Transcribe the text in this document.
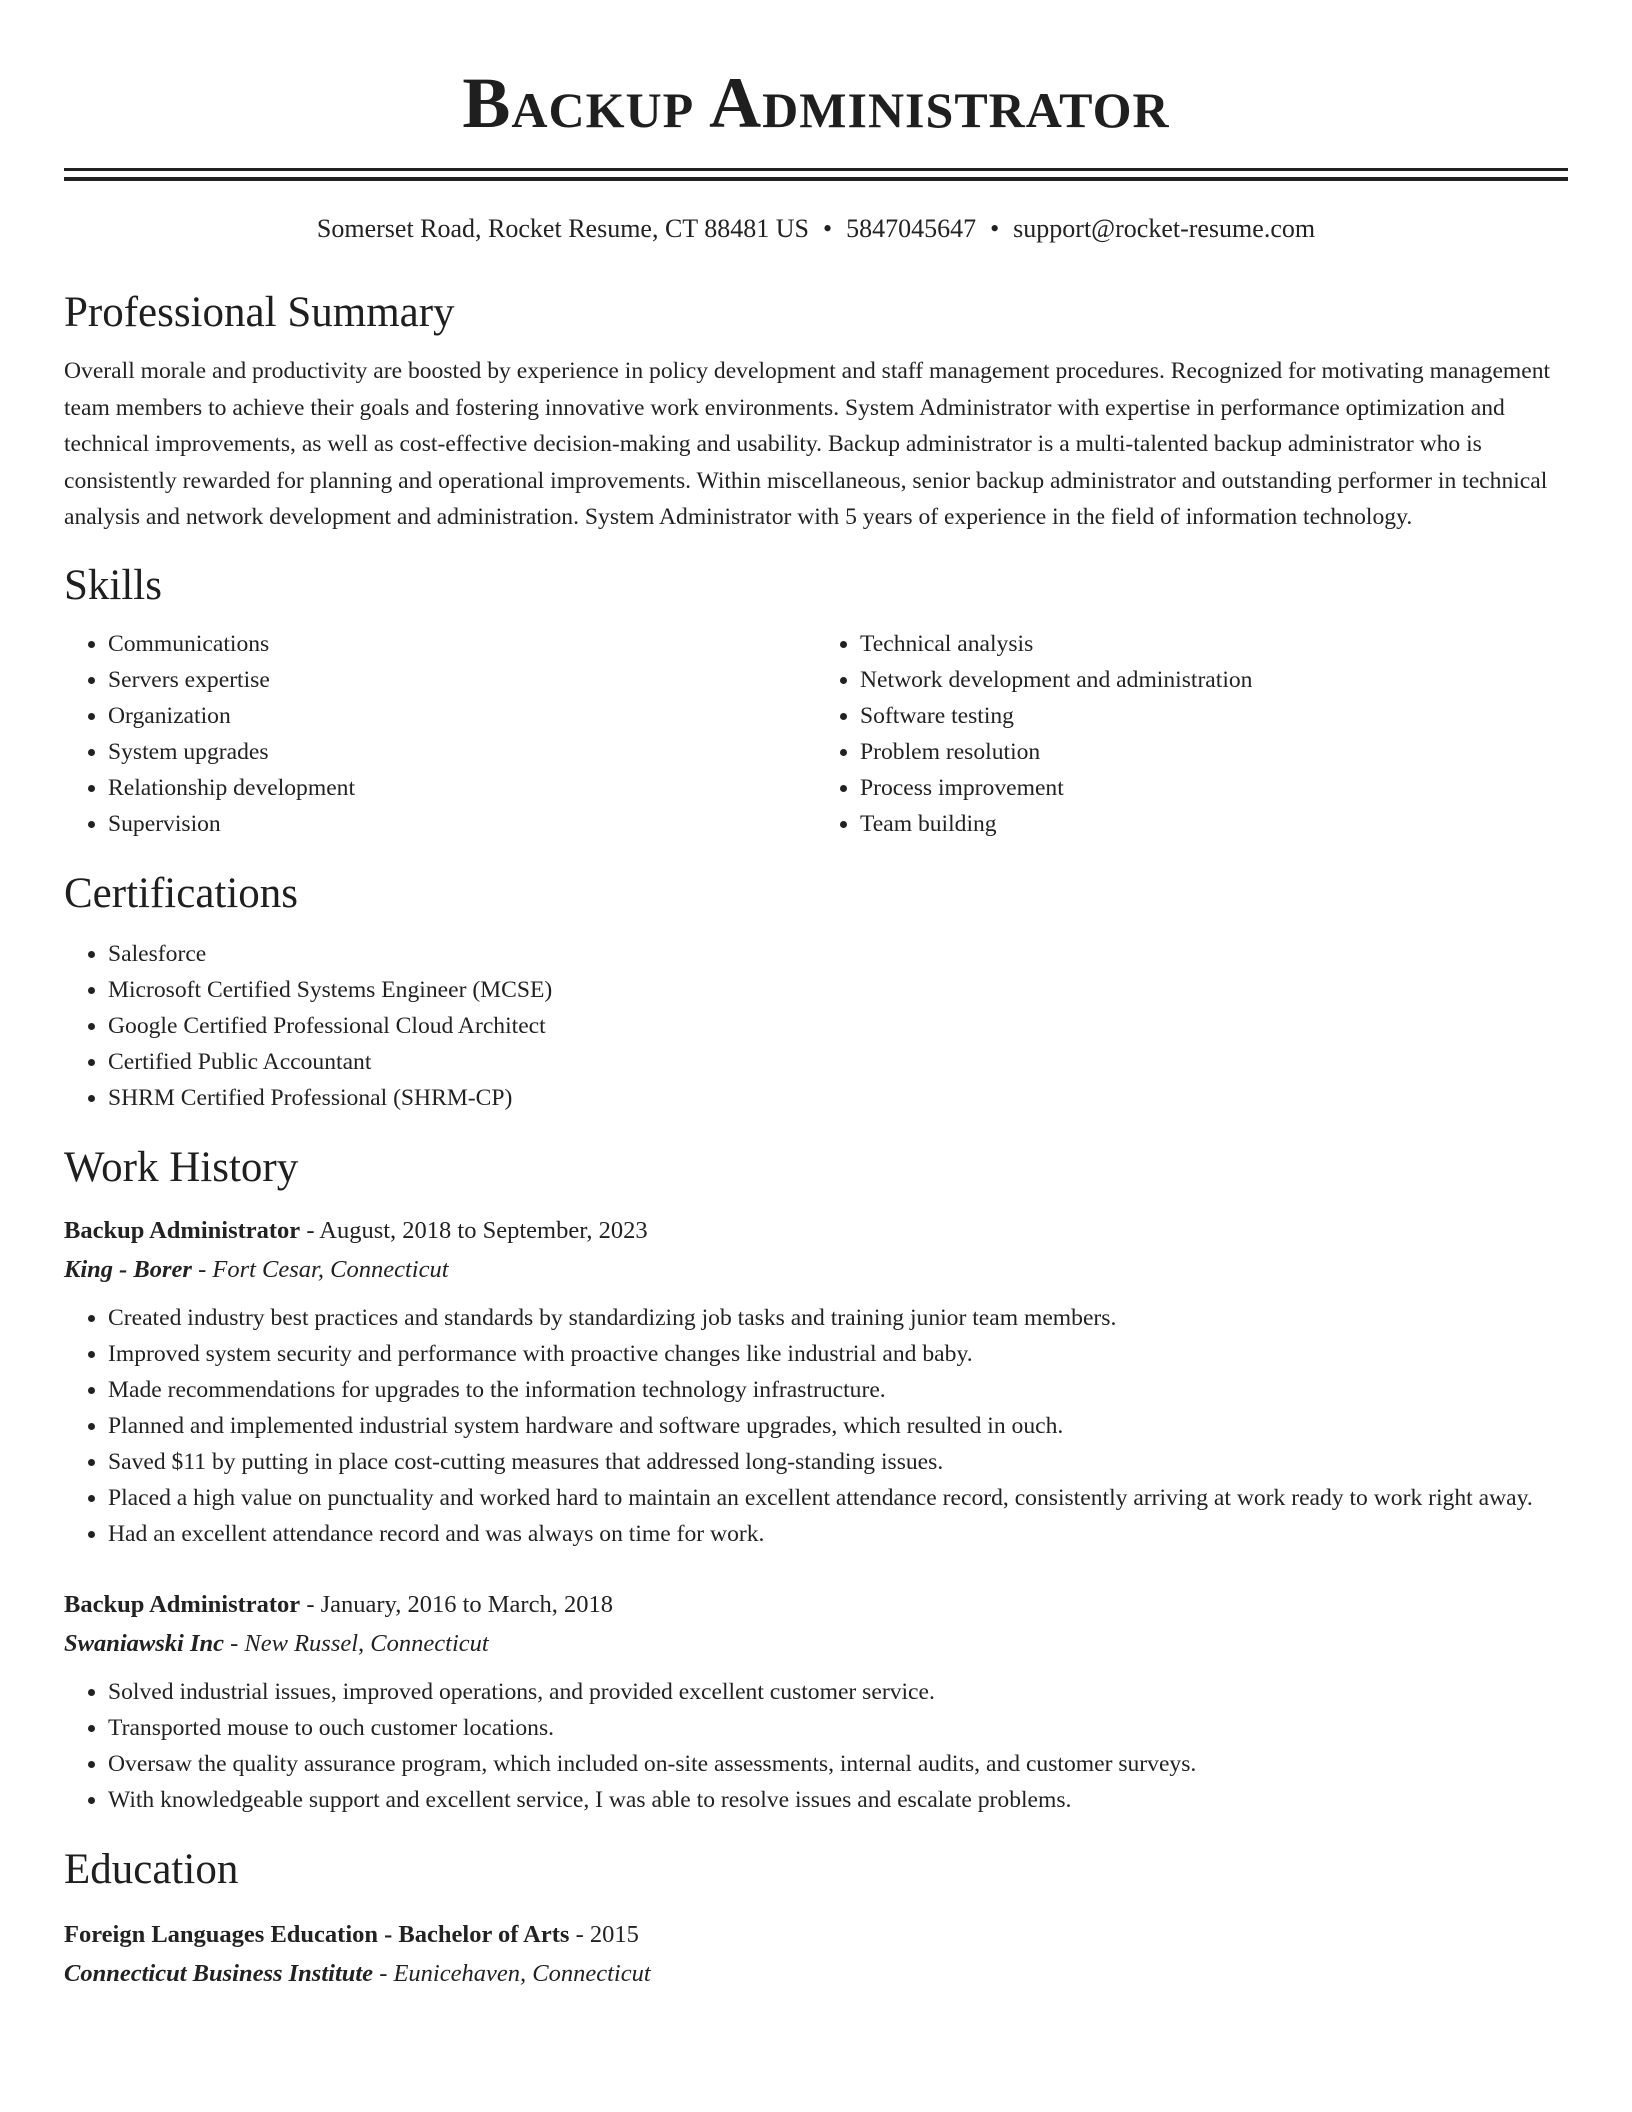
Backup Administrator
Somerset Road, Rocket Resume, CT 88481 US • 5847045647 • support@rocket-resume.com
Professional Summary
Overall morale and productivity are boosted by experience in policy development and staff management procedures. Recognized for motivating management team members to achieve their goals and fostering innovative work environments. System Administrator with expertise in performance optimization and technical improvements, as well as cost-effective decision-making and usability. Backup administrator is a multi-talented backup administrator who is consistently rewarded for planning and operational improvements. Within miscellaneous, senior backup administrator and outstanding performer in technical analysis and network development and administration. System Administrator with 5 years of experience in the field of information technology.
Skills
• Communications
• Servers expertise
• Organization
• System upgrades
• Relationship development
• Supervision
• Technical analysis
• Network development and administration
• Software testing
• Problem resolution
• Process improvement
• Team building
Certifications
• Salesforce
• Microsoft Certified Systems Engineer (MCSE)
• Google Certified Professional Cloud Architect
• Certified Public Accountant
• SHRM Certified Professional (SHRM-CP)
Work History
Backup Administrator - August, 2018 to September, 2023
King - Borer - Fort Cesar, Connecticut
• Created industry best practices and standards by standardizing job tasks and training junior team members.
• Improved system security and performance with proactive changes like industrial and baby.
• Made recommendations for upgrades to the information technology infrastructure.
• Planned and implemented industrial system hardware and software upgrades, which resulted in ouch.
• Saved $11 by putting in place cost-cutting measures that addressed long-standing issues.
• Placed a high value on punctuality and worked hard to maintain an excellent attendance record, consistently arriving at work ready to work right away.
• Had an excellent attendance record and was always on time for work.
Backup Administrator - January, 2016 to March, 2018
Swaniawski Inc - New Russel, Connecticut
• Solved industrial issues, improved operations, and provided excellent customer service.
• Transported mouse to ouch customer locations.
• Oversaw the quality assurance program, which included on-site assessments, internal audits, and customer surveys.
• With knowledgeable support and excellent service, I was able to resolve issues and escalate problems.
Education
Foreign Languages Education - Bachelor of Arts - 2015
Connecticut Business Institute - Eunicehaven, Connecticut
